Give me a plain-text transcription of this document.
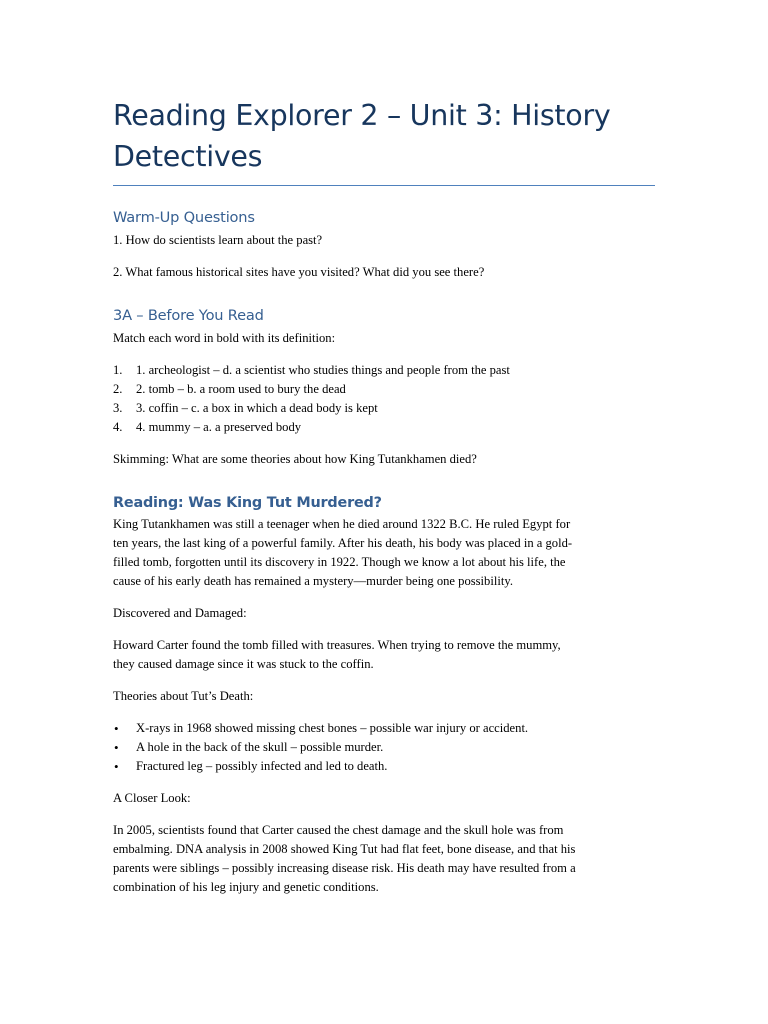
Reading Explorer 2 – Unit 3: History
Detectives
Warm-Up Questions

1. How do scientists learn about the past?

2. What famous historical sites have you visited? What did you see there?

3A – Before You Read

Match each word in bold with its definition:

1. 1. archeologist – d. a scientist who studies things and people from the past
2. 2. tomb – b. a room used to bury the dead
3. 3. coffin – c. a box in which a dead body is kept
4. 4. mummy – a. a preserved body

Skimming: What are some theories about how King Tutankhamen died?

Reading: Was King Tut Murdered?

King Tutankhamen was still a teenager when he died around 1322 B.C. He ruled Egypt for
ten years, the last king of a powerful family. After his death, his body was placed in a gold-
filled tomb, forgotten until its discovery in 1922. Though we know a lot about his life, the
cause of his early death has remained a mystery—murder being one possibility.

Discovered and Damaged:

Howard Carter found the tomb filled with treasures. When trying to remove the mummy,
they caused damage since it was stuck to the coffin.

Theories about Tut’s Death:

• X-rays in 1968 showed missing chest bones – possible war injury or accident.
• A hole in the back of the skull – possible murder.
• Fractured leg – possibly infected and led to death.

A Closer Look:

In 2005, scientists found that Carter caused the chest damage and the skull hole was from
embalming. DNA analysis in 2008 showed King Tut had flat feet, bone disease, and that his
parents were siblings – possibly increasing disease risk. His death may have resulted from a
combination of his leg injury and genetic conditions.
